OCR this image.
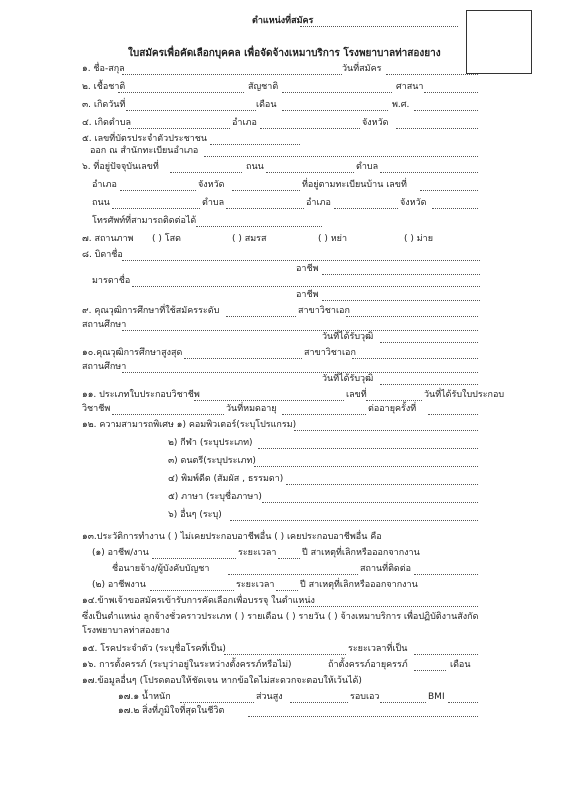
ตำแหน่งที่สมัคร
ใบสมัครเพื่อคัดเลือกบุคคล เพื่อจัดจ้างเหมาบริการ โรงพยาบาลท่าสองยาง
๑. ชื่อ-สกุล	วันที่สมัคร
๒. เชื้อชาติ	สัญชาติ	ศาสนา
๓. เกิดวันที่	เดือน	พ.ศ.
๔. เกิดตำบล	อำเภอ	จังหวัด
๕. เลขที่บัตรประจำตัวประชาชน
ออก ณ สำนักทะเบียนอำเภอ
๖. ที่อยู่ปัจจุบันเลขที่	ถนน	ตำบล
อำเภอ	จังหวัด	ที่อยู่ตามทะเบียนบ้าน เลขที่
ถนน	ตำบล	อำเภอ	จังหวัด
โทรศัพท์ที่สามารถติดต่อได้
๗. สถานภาพ ( ) โสด	( ) สมรส	( ) หย่า	( ) ม่าย
๘. บิดาชื่อ
อาชีพ
มารดาชื่อ
อาชีพ
๙. คุณวุฒิการศึกษาที่ใช้สมัครระดับ	สาขาวิชาเอก
สถานศึกษา
วันที่ได้รับวุฒิ
๑๐.คุณวุฒิการศึกษาสูงสุด	สาขาวิชาเอก
สถานศึกษา
วันที่ได้รับวุฒิ
๑๑. ประเภทใบประกอบวิชาชีพ	เลขที่	วันที่ได้รับใบประกอบ
วิชาชีพ	วันที่หมดอายุ	ต่ออายุครั้งที่
๑๒. ความสามารถพิเศษ ๑) คอมพิวเตอร์(ระบุโปรแกรม)
๒) กีฬา (ระบุประเภท)
๓) ดนตรี(ระบุประเภท)
๔) พิมพ์ดีด (สัมผัส , ธรรมดา)
๕) ภาษา (ระบุชื่อภาษา)
๖) อื่นๆ (ระบุ)
๑๓.ประวัติการทำงาน ( ) ไม่เคยประกอบอาชีพอื่น ( ) เคยประกอบอาชีพอื่น คือ
(๑) อาชีพ/งาน	ระยะเวลา	ปี สาเหตุที่เลิกหรือออกจากงาน
ชื่อนายจ้าง/ผู้บังคับบัญชา	สถานที่ติดต่อ
(๒) อาชีพงาน	ระยะเวลา	ปี สาเหตุที่เลิกหรือออกจากงาน
๑๔.ข้าพเจ้าขอสมัครเข้ารับการคัดเลือกเพื่อบรรจุ ในตำแหน่ง
ซึ่งเป็นตำแหน่ง ลูกจ้างชั่วคราวประเภท ( ) รายเดือน ( ) รายวัน ( ) จ้างเหมาบริการ เพื่อปฏิบัติงานสังกัด
โรงพยาบาลท่าสองยาง
๑๕. โรคประจำตัว (ระบุชื่อโรคที่เป็น)	ระยะเวลาที่เป็น
๑๖. การตั้งครรภ์ (ระบุว่าอยู่ในระหว่างตั้งครรภ์หรือไม่)	ถ้าตั้งครรภ์อายุครรภ์	เดือน
๑๗.ข้อมูลอื่นๆ (โปรดตอบให้ชัดเจน หากข้อใดไม่สะดวกจะตอบให้เว้นได้)
๑๗.๑ น้ำหนัก	ส่วนสูง	รอบเอว	BMI
๑๗.๒ สิ่งที่ภูมิใจที่สุดในชีวิต
